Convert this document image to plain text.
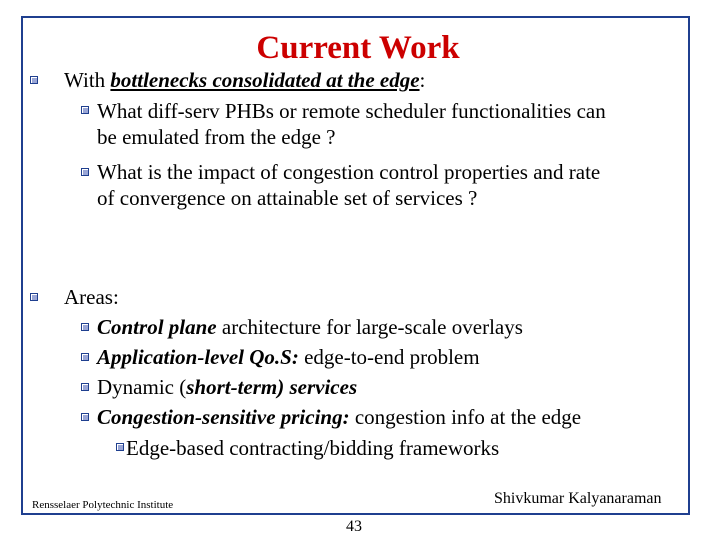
Current Work
With bottlenecks consolidated at the edge:
What diff-serv PHBs or remote scheduler functionalities can
be emulated from the edge ?
What is the impact of congestion control properties and rate
of convergence on attainable set of services ?
Areas:
Control plane architecture for large-scale overlays
Application-level Qo.S: edge-to-end problem
Dynamic (short-term) services
Congestion-sensitive pricing: congestion info at the edge
Edge-based contracting/bidding frameworks
Rensselaer Polytechnic Institute	Shivkumar Kalyanaraman
43
